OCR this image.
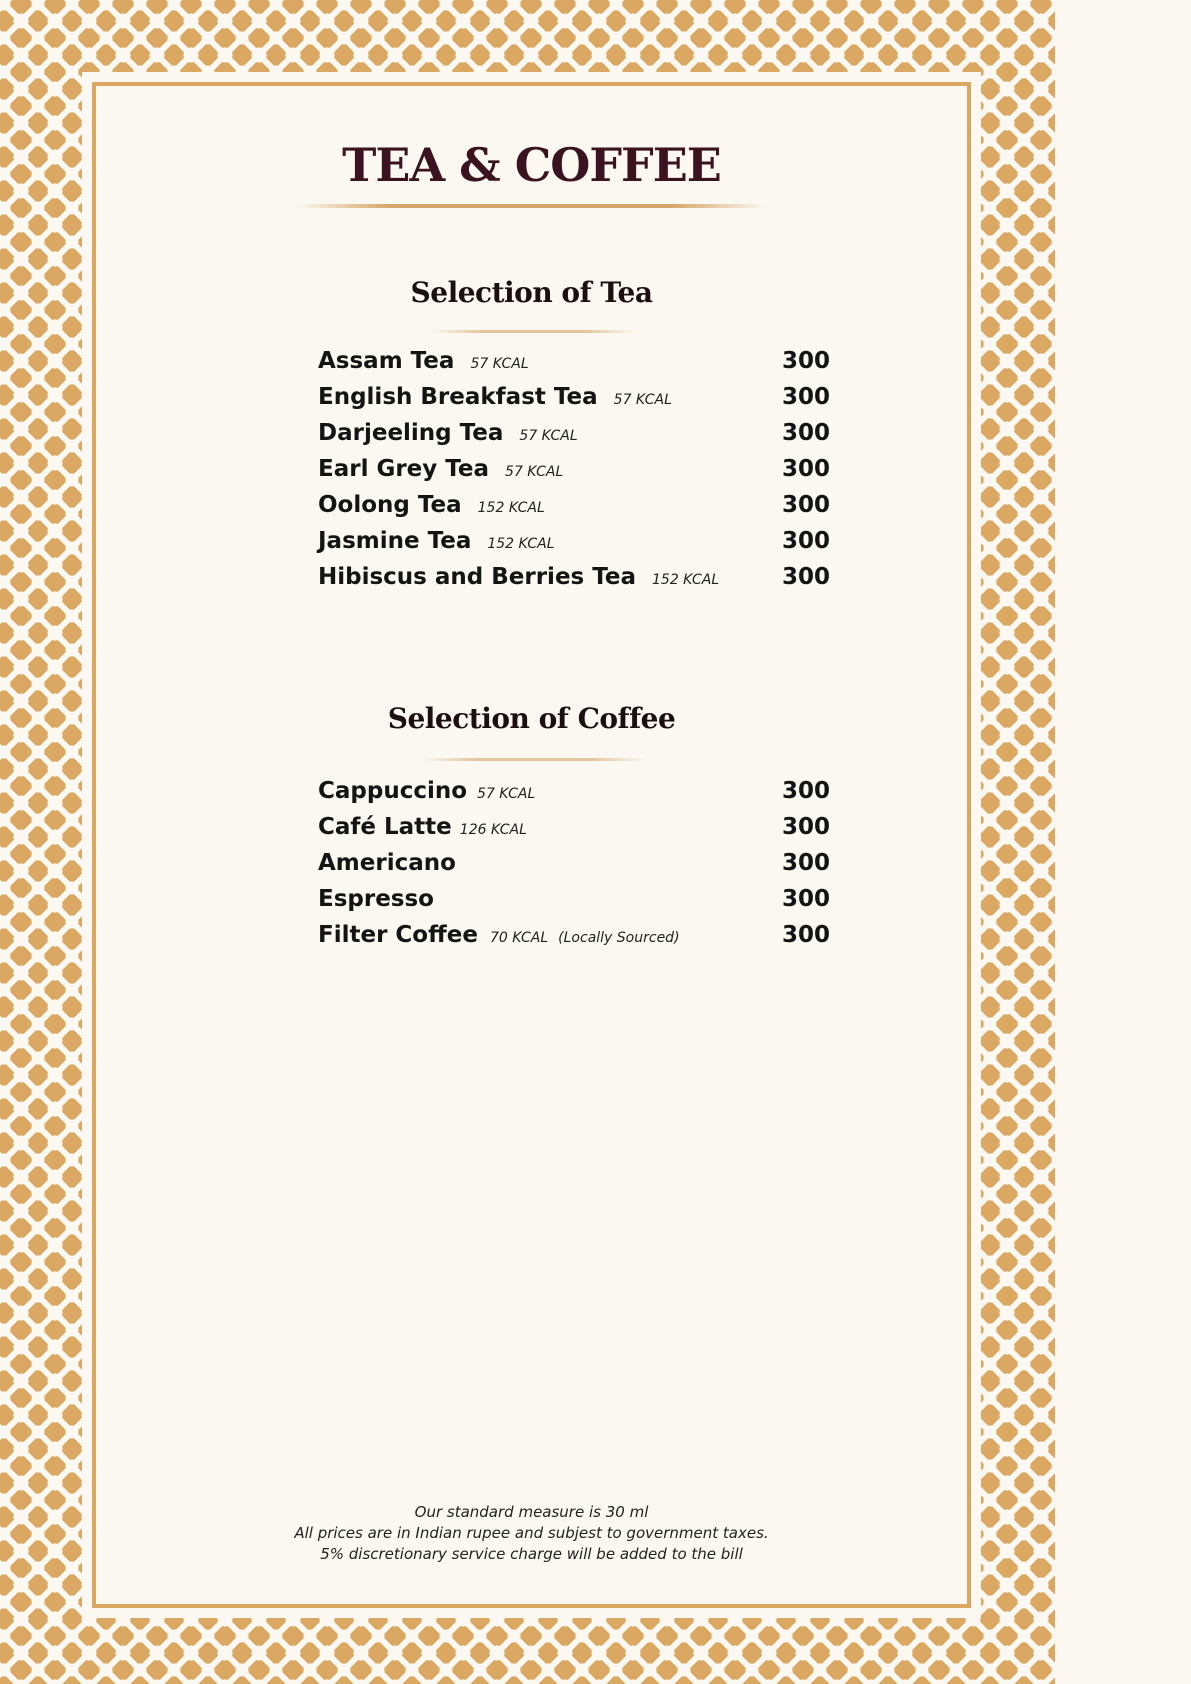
TEA & COFFEE
Selection of Tea
Assam Tea 57 KCAL	300
English Breakfast Tea 57 KCAL	300
Darjeeling Tea 57 KCAL	300
Earl Grey Tea 57 KCAL	300
Oolong Tea 152 KCAL	300
Jasmine Tea 152 KCAL	300
Hibiscus and Berries Tea 152 KCAL	300
Selection of Coffee
Cappuccino 57 KCAL	300
Café Latte 126 KCAL	300
Americano	300
Espresso	300
Filter Coffee 70 KCAL (Locally Sourced)	300
Our standard measure is 30 ml
All prices are in Indian rupee and subjest to government taxes.
5% discretionary service charge will be added to the bill
